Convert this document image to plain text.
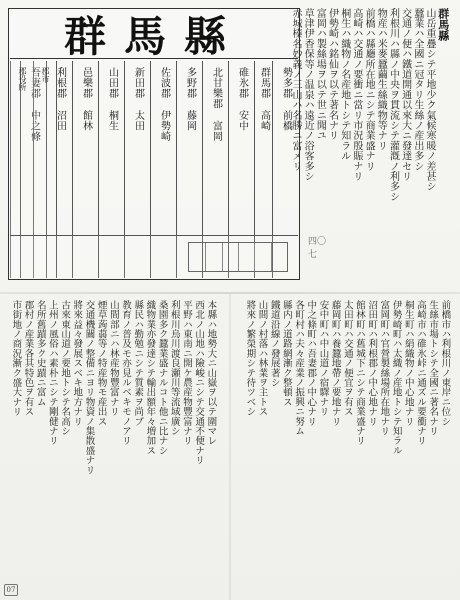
群馬縣
勢多郡 前橋
群馬郡 高崎
碓氷郡 安中
北甘樂郡 富岡
多野郡 藤岡
佐波郡 伊勢崎
新田郡 太田
山田郡 桐生
邑樂郡 館林
利根郡 沼田
吾妻郡 中之條 郡市
郡役所
群馬縣
山岳重疊シテ平地少ク氣候寒暖ノ差甚シ
蠶業ハ全國ニ冠タリ生絲ノ産出多シ
交通ノ便ハ鐵道開通以來大ニ發達セリ
利根川ハ縣ノ中央ヲ貫流シテ灌漑ノ利多シ
物産ハ米麥蠶繭生絲織物等ナリ
前橋ハ縣廳所在地ニシテ商業盛ナリ
高崎ハ交通ノ要衝ニ當リ市況殷賑ナリ
桐生ハ織物ノ名産地トシテ知ラル
伊勢崎ハ銘仙ヲ以テ著名ナリ
富岡ハ製絲場ヲ以テ世ニ聞ユ
草津伊香保等ノ温泉ハ遠近ノ浴客多シ
赤城榛名妙義ノ三山ハ名勝ニ富メリ
四〇七
前橋市ハ利根川ノ東岸ニ位シ
生絲市場トシテ全國ニ著名ナリ
高崎市ハ碓氷峠ニ通ズル要衝ナリ
桐生町ハ絹織物ノ中心地ナリ
伊勢崎町ハ太織ノ産地トシテ知ラル
富岡町ハ官營製絲場所在地ナリ
沼田町ハ利根郡ノ中心地ナリ
館林町ハ舊城下ニシテ商業盛ナリ
太田町ハ交通ノ便宜ヲ有ス
藤岡町ハ養蠶地帶ノ要地ナリ
安中町ハ中山道ノ宿驛ナリ
中之條町ハ吾妻郡ノ中心ナリ
各町村ハ夫々産業ノ振興ニ努ム
縣内ノ道路網漸ク整頓ス
鐵道沿線ノ發展著シ
山間ノ村落ハ林業ヲ主トス
將來ノ繁榮期シテ待ツベシ
本縣ハ地勢大ニ山嶽ヲ以テ圍マレ
西北ノ山地ハ險峻ニシテ交通不便ナリ
平野ハ東南ニ開ケ農産物豐富ナリ
利根川烏川渡良瀬川等流域廣シ
桑園多ク蠶業盛ナルコト他ニ比ナシ
織物業亦發達シテ輸出額年々増加ス
縣民ハ勤勉ニシテ質素ヲ尚ブ
教育ノ普及モ亦見ルベキモノアリ
山間部ニハ林産物豐富ナリ
煙草蒟蒻等ノ特産物モ産出ス
交通機關ノ整備ニヨリ物資ノ集散盛ナリ
將來益々發展スベキ地方ナリ
古來東山道ノ要地トシテ名高シ
上州ノ風俗ハ素朴ニシテ剛健ナリ
名所舊蹟多ク史蹟ニ富ム
郡村ノ産業各其特色ヲ有ス
市街地ノ商況漸ク盛大ナリ
07
